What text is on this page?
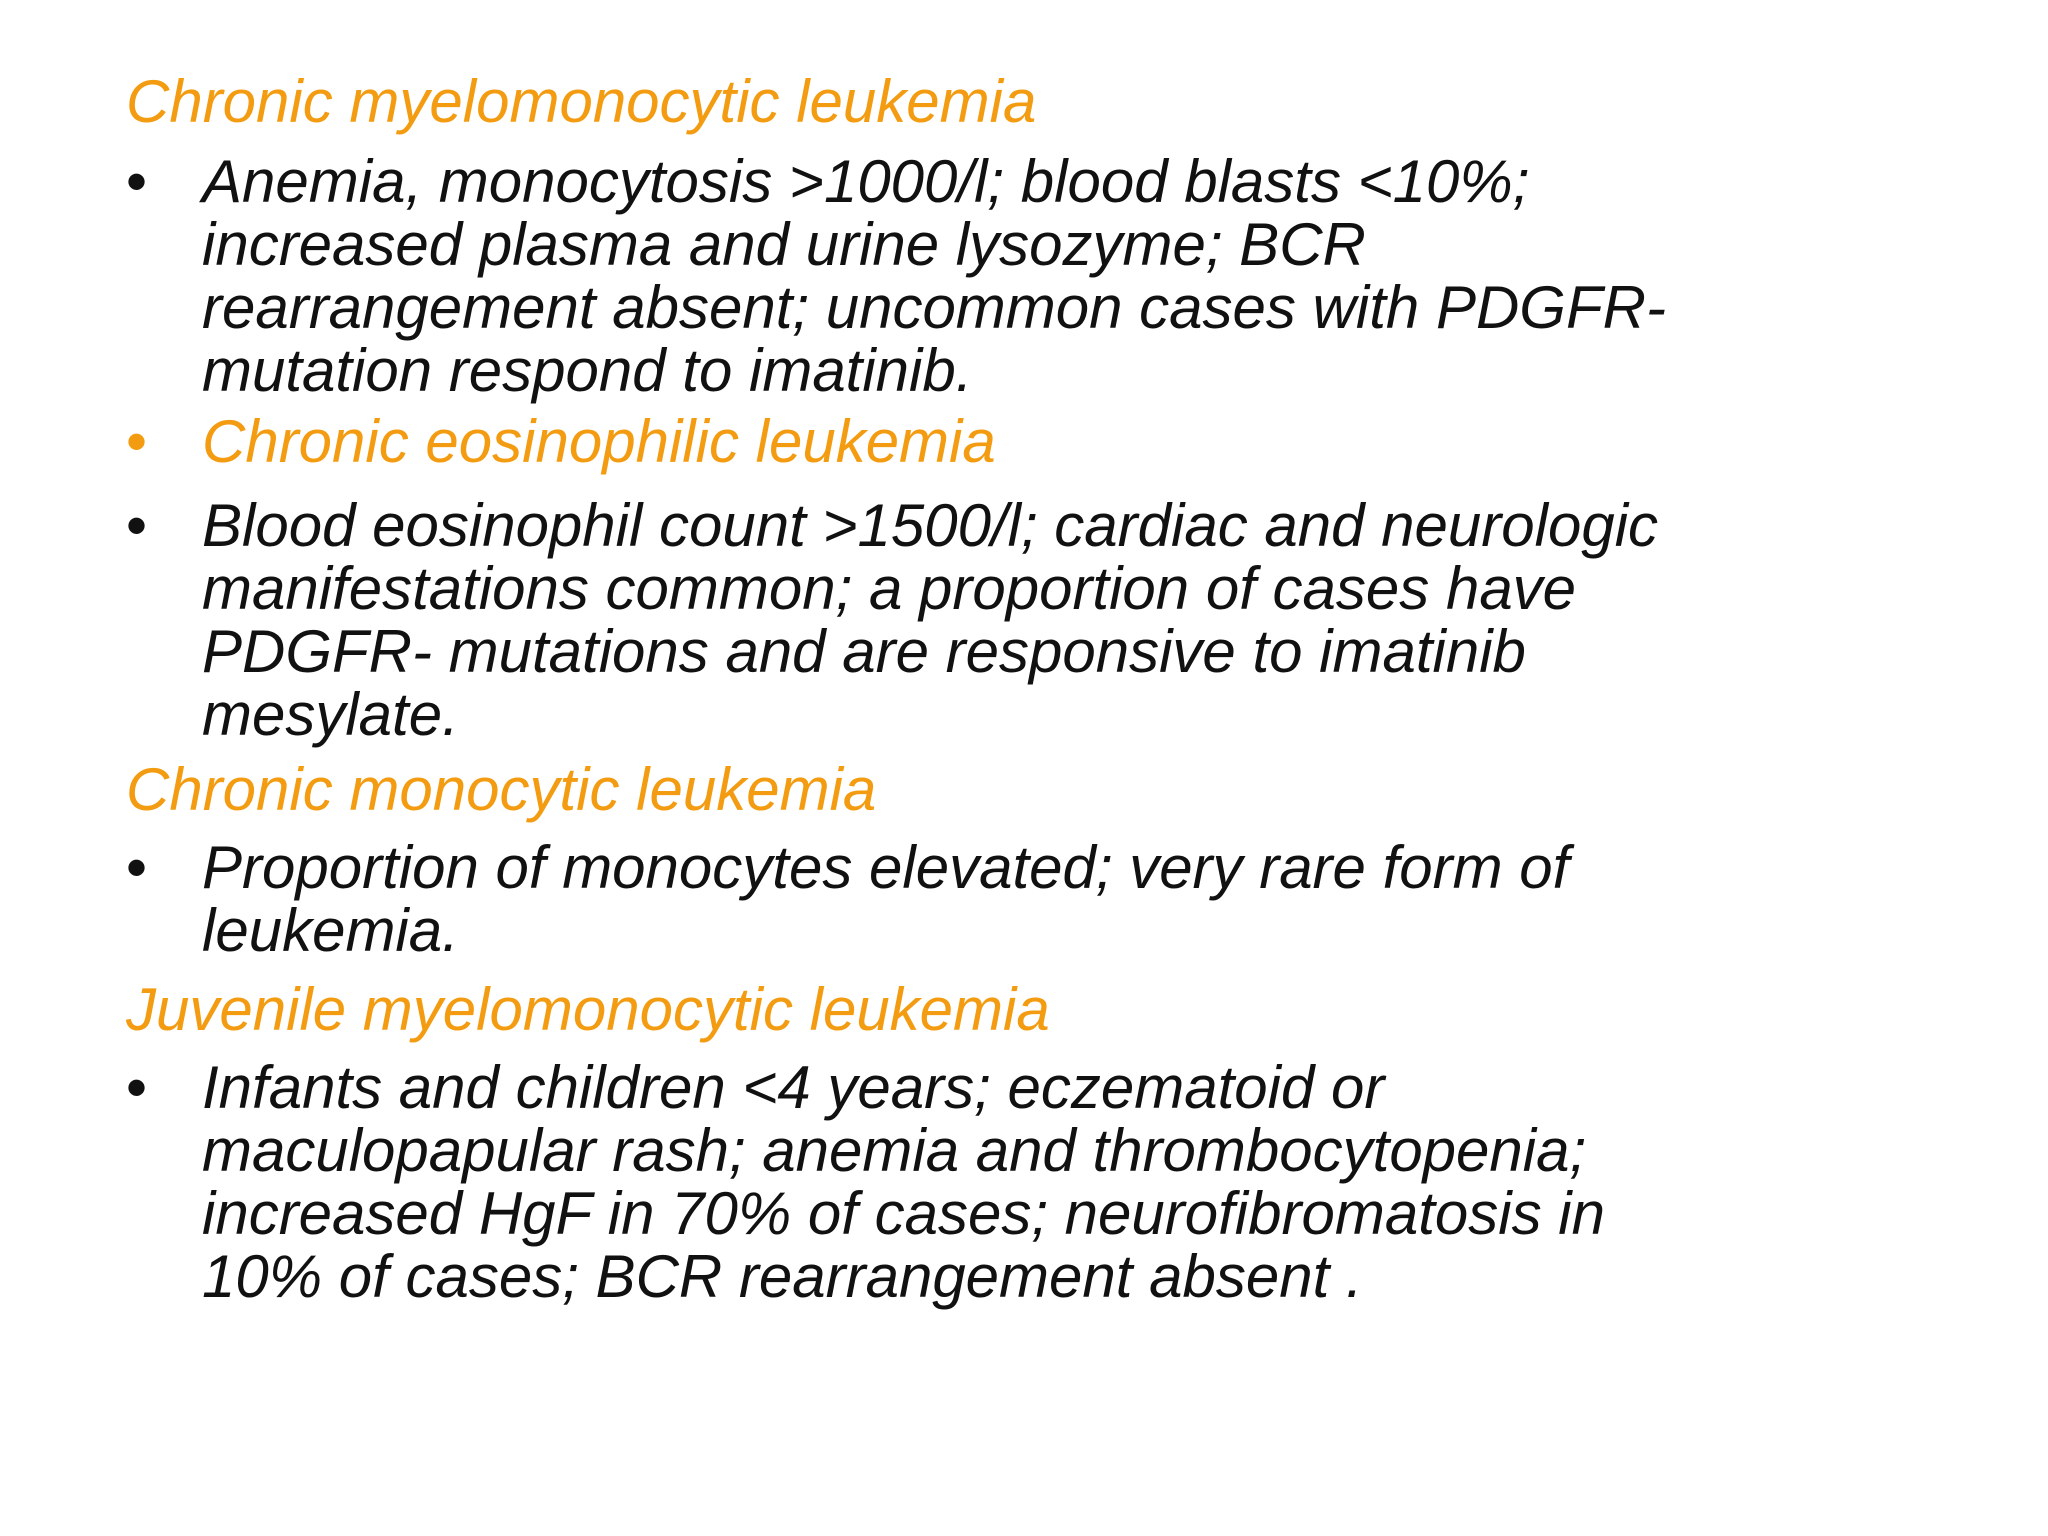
Chronic myelomonocytic leukemia
• Anemia, monocytosis >1000/l; blood blasts <10%;
increased plasma and urine lysozyme; BCR
rearrangement absent; uncommon cases with PDGFR-
mutation respond to imatinib.
• Chronic eosinophilic leukemia
• Blood eosinophil count >1500/l; cardiac and neurologic
manifestations common; a proportion of cases have
PDGFR- mutations and are responsive to imatinib
mesylate.
Chronic monocytic leukemia
• Proportion of monocytes elevated; very rare form of
leukemia.
Juvenile myelomonocytic leukemia
• Infants and children <4 years; eczematoid or
maculopapular rash; anemia and thrombocytopenia;
increased HgF in 70% of cases; neurofibromatosis in
10% of cases; BCR rearrangement absent .
